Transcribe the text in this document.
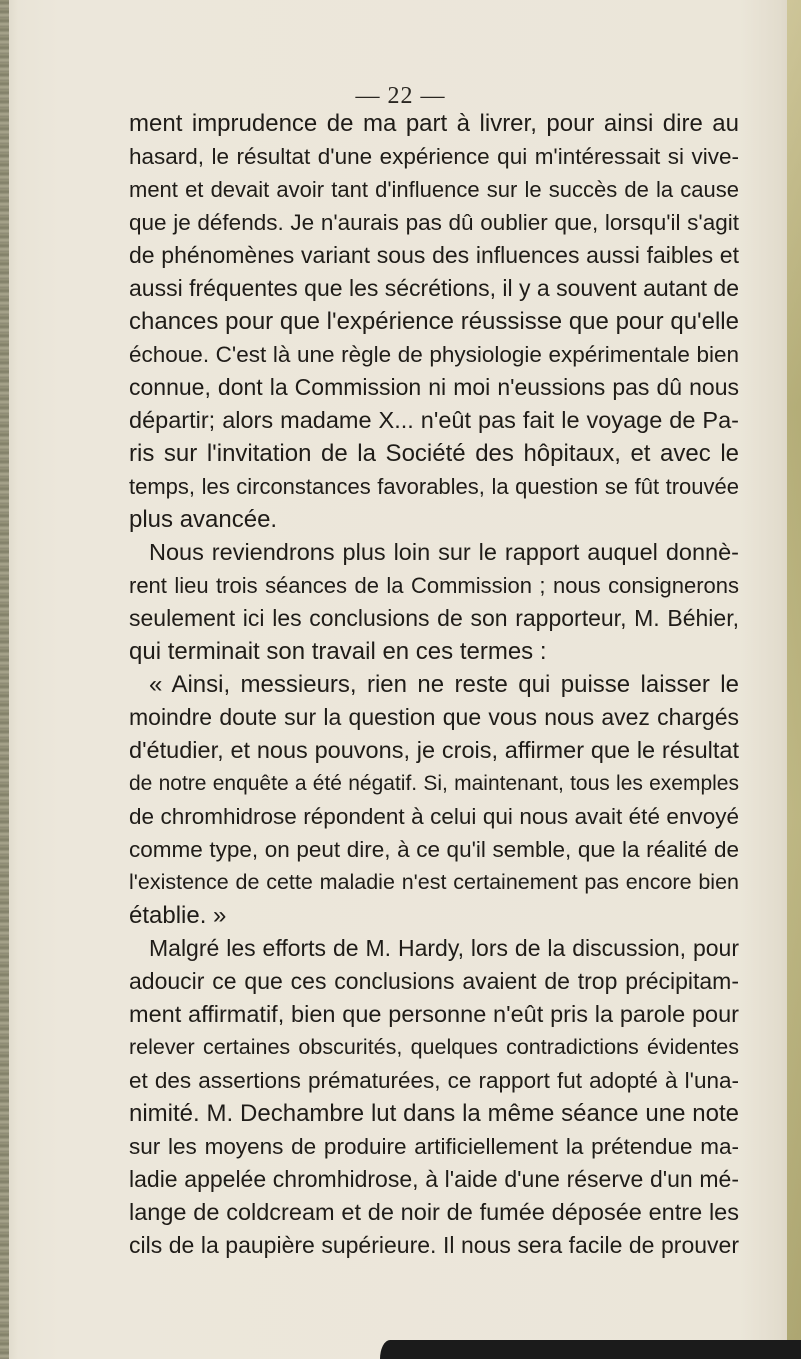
— 22 —
ment imprudence de ma part à livrer, pour ainsi dire au
hasard, le résultat d'une expérience qui m'intéressait si vive-
ment et devait avoir tant d'influence sur le succès de la cause
que je défends. Je n'aurais pas dû oublier que, lorsqu'il s'agit
de phénomènes variant sous des influences aussi faibles et
aussi fréquentes que les sécrétions, il y a souvent autant de
chances pour que l'expérience réussisse que pour qu'elle
échoue. C'est là une règle de physiologie expérimentale bien
connue, dont la Commission ni moi n'eussions pas dû nous
départir; alors madame X... n'eût pas fait le voyage de Pa-
ris sur l'invitation de la Société des hôpitaux, et avec le
temps, les circonstances favorables, la question se fût trouvée
plus avancée.
Nous reviendrons plus loin sur le rapport auquel donnè-
rent lieu trois séances de la Commission ; nous consignerons
seulement ici les conclusions de son rapporteur, M. Béhier,
qui terminait son travail en ces termes :
« Ainsi, messieurs, rien ne reste qui puisse laisser le
moindre doute sur la question que vous nous avez chargés
d'étudier, et nous pouvons, je crois, affirmer que le résultat
de notre enquête a été négatif. Si, maintenant, tous les exemples
de chromhidrose répondent à celui qui nous avait été envoyé
comme type, on peut dire, à ce qu'il semble, que la réalité de
l'existence de cette maladie n'est certainement pas encore bien
établie. »
Malgré les efforts de M. Hardy, lors de la discussion, pour
adoucir ce que ces conclusions avaient de trop précipitam-
ment affirmatif, bien que personne n'eût pris la parole pour
relever certaines obscurités, quelques contradictions évidentes
et des assertions prématurées, ce rapport fut adopté à l'una-
nimité. M. Dechambre lut dans la même séance une note
sur les moyens de produire artificiellement la prétendue ma-
ladie appelée chromhidrose, à l'aide d'une réserve d'un mé-
lange de coldcream et de noir de fumée déposée entre les
cils de la paupière supérieure. Il nous sera facile de prouver
